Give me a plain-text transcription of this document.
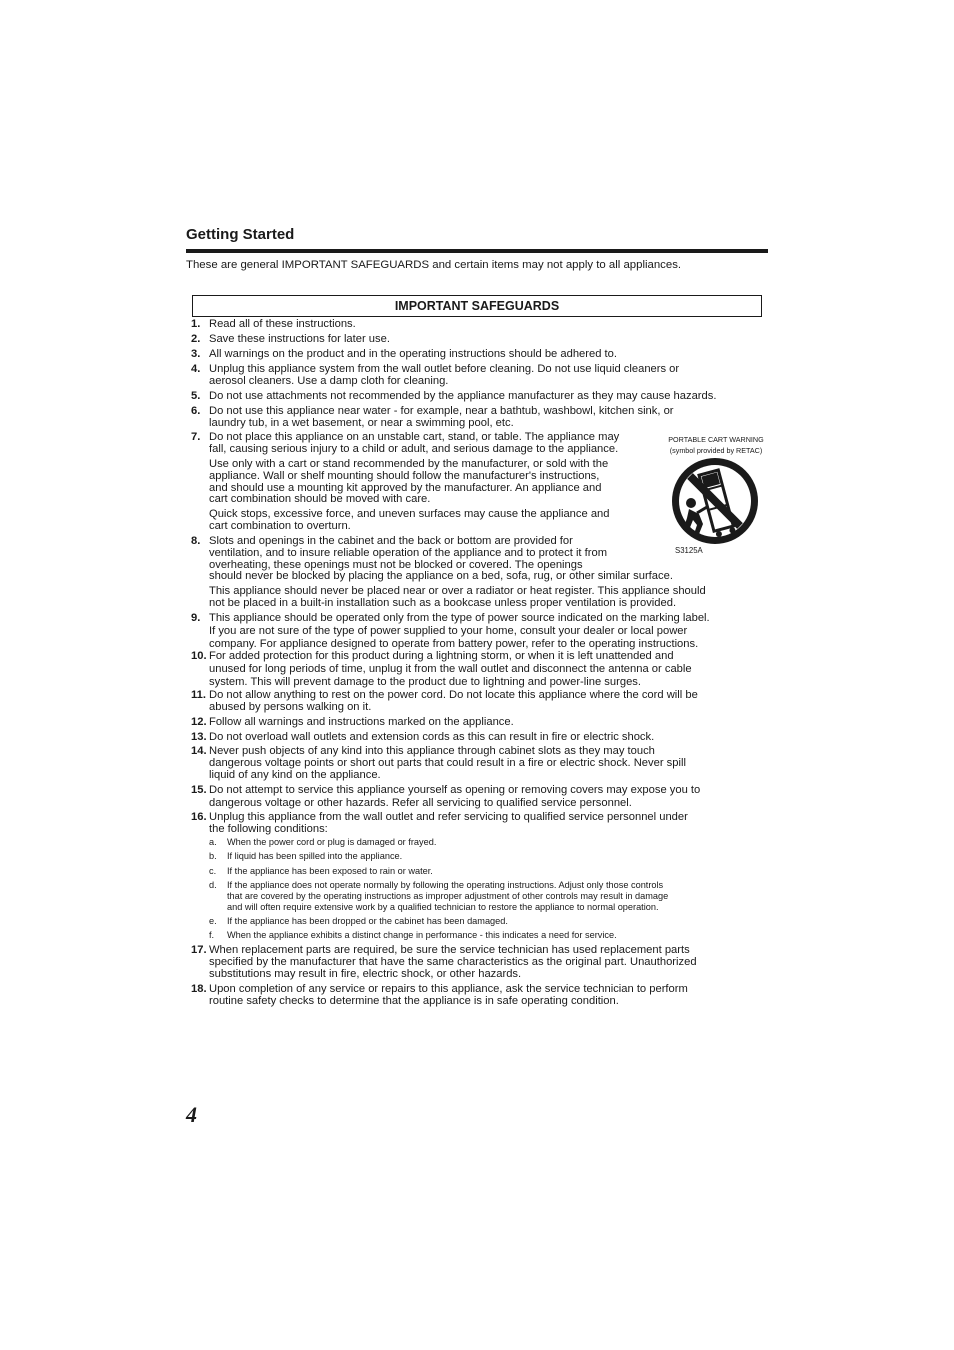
Getting Started
These are general IMPORTANT SAFEGUARDS and certain items may not apply to all appliances.
IMPORTANT SAFEGUARDS
1. Read all of these instructions.
2. Save these instructions for later use.
3. All warnings on the product and in the operating instructions should be adhered to.
4. Unplug this appliance system from the wall outlet before cleaning. Do not use liquid cleaners or
aerosol cleaners. Use a damp cloth for cleaning.
5. Do not use attachments not recommended by the appliance manufacturer as they may cause hazards.
6. Do not use this appliance near water - for example, near a bathtub, washbowl, kitchen sink, or
laundry tub, in a wet basement, or near a swimming pool, etc.
7. Do not place this appliance on an unstable cart, stand, or table. The appliance may
fall, causing serious injury to a child or adult, and serious damage to the appliance.
Use only with a cart or stand recommended by the manufacturer, or sold with the
appliance. Wall or shelf mounting should follow the manufacturer's instructions,
and should use a mounting kit approved by the manufacturer. An appliance and
cart combination should be moved with care.
Quick stops, excessive force, and uneven surfaces may cause the appliance and
cart combination to overturn.
PORTABLE CART WARNING
(symbol provided by RETAC)
S3125A
8. Slots and openings in the cabinet and the back or bottom are provided for
ventilation, and to insure reliable operation of the appliance and to protect it from
overheating, these openings must not be blocked or covered. The openings
should never be blocked by placing the appliance on a bed, sofa, rug, or other similar surface.
This appliance should never be placed near or over a radiator or heat register. This appliance should
not be placed in a built-in installation such as a bookcase unless proper ventilation is provided.
9. This appliance should be operated only from the type of power source indicated on the marking label.
If you are not sure of the type of power supplied to your home, consult your dealer or local power
company. For appliance designed to operate from battery power, refer to the operating instructions.
10. For added protection for this product during a lightning storm, or when it is left unattended and
unused for long periods of time, unplug it from the wall outlet and disconnect the antenna or cable
system. This will prevent damage to the product due to lightning and power-line surges.
11. Do not allow anything to rest on the power cord. Do not locate this appliance where the cord will be
abused by persons walking on it.
12. Follow all warnings and instructions marked on the appliance.
13. Do not overload wall outlets and extension cords as this can result in fire or electric shock.
14. Never push objects of any kind into this appliance through cabinet slots as they may touch
dangerous voltage points or short out parts that could result in a fire or electric shock. Never spill
liquid of any kind on the appliance.
15. Do not attempt to service this appliance yourself as opening or removing covers may expose you to
dangerous voltage or other hazards. Refer all servicing to qualified service personnel.
16. Unplug this appliance from the wall outlet and refer servicing to qualified service personnel under
the following conditions:
a. When the power cord or plug is damaged or frayed.
b. If liquid has been spilled into the appliance.
c. If the appliance has been exposed to rain or water.
d. If the appliance does not operate normally by following the operating instructions. Adjust only those controls
that are covered by the operating instructions as improper adjustment of other controls may result in damage
and will often require extensive work by a qualified technician to restore the appliance to normal operation.
e. If the appliance has been dropped or the cabinet has been damaged.
f. When the appliance exhibits a distinct change in performance - this indicates a need for service.
17. When replacement parts are required, be sure the service technician has used replacement parts
specified by the manufacturer that have the same characteristics as the original part. Unauthorized
substitutions may result in fire, electric shock, or other hazards.
18. Upon completion of any service or repairs to this appliance, ask the service technician to perform
routine safety checks to determine that the appliance is in safe operating condition.
4
